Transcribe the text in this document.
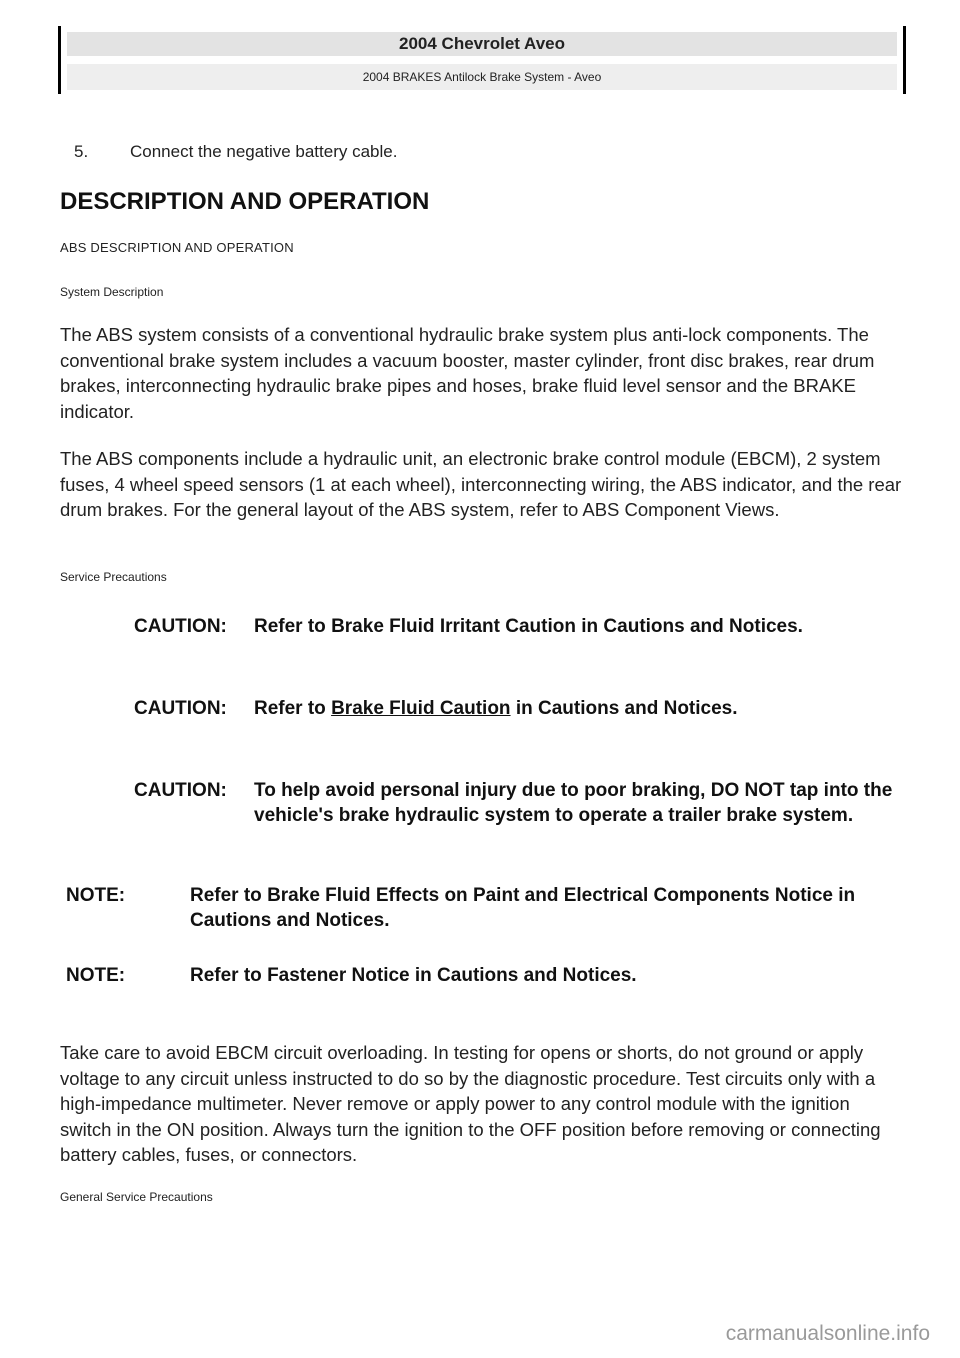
2004 Chevrolet Aveo
2004 BRAKES Antilock Brake System - Aveo
5. Connect the negative battery cable.
DESCRIPTION AND OPERATION
ABS DESCRIPTION AND OPERATION
System Description
The ABS system consists of a conventional hydraulic brake system plus anti-lock components. The conventional brake system includes a vacuum booster, master cylinder, front disc brakes, rear drum brakes, interconnecting hydraulic brake pipes and hoses, brake fluid level sensor and the BRAKE indicator.
The ABS components include a hydraulic unit, an electronic brake control module (EBCM), 2 system fuses, 4 wheel speed sensors (1 at each wheel), interconnecting wiring, the ABS indicator, and the rear drum brakes. For the general layout of the ABS system, refer to ABS Component Views.
Service Precautions
CAUTION: Refer to Brake Fluid Irritant Caution in Cautions and Notices.
CAUTION: Refer to Brake Fluid Caution in Cautions and Notices.
CAUTION: To help avoid personal injury due to poor braking, DO NOT tap into the vehicle's brake hydraulic system to operate a trailer brake system.
NOTE:	Refer to Brake Fluid Effects on Paint and Electrical Components Notice in Cautions and Notices.
NOTE:	Refer to Fastener Notice in Cautions and Notices.
Take care to avoid EBCM circuit overloading. In testing for opens or shorts, do not ground or apply voltage to any circuit unless instructed to do so by the diagnostic procedure. Test circuits only with a high-impedance multimeter. Never remove or apply power to any control module with the ignition switch in the ON position. Always turn the ignition to the OFF position before removing or connecting battery cables, fuses, or connectors.
General Service Precautions
carmanualsonline.info
